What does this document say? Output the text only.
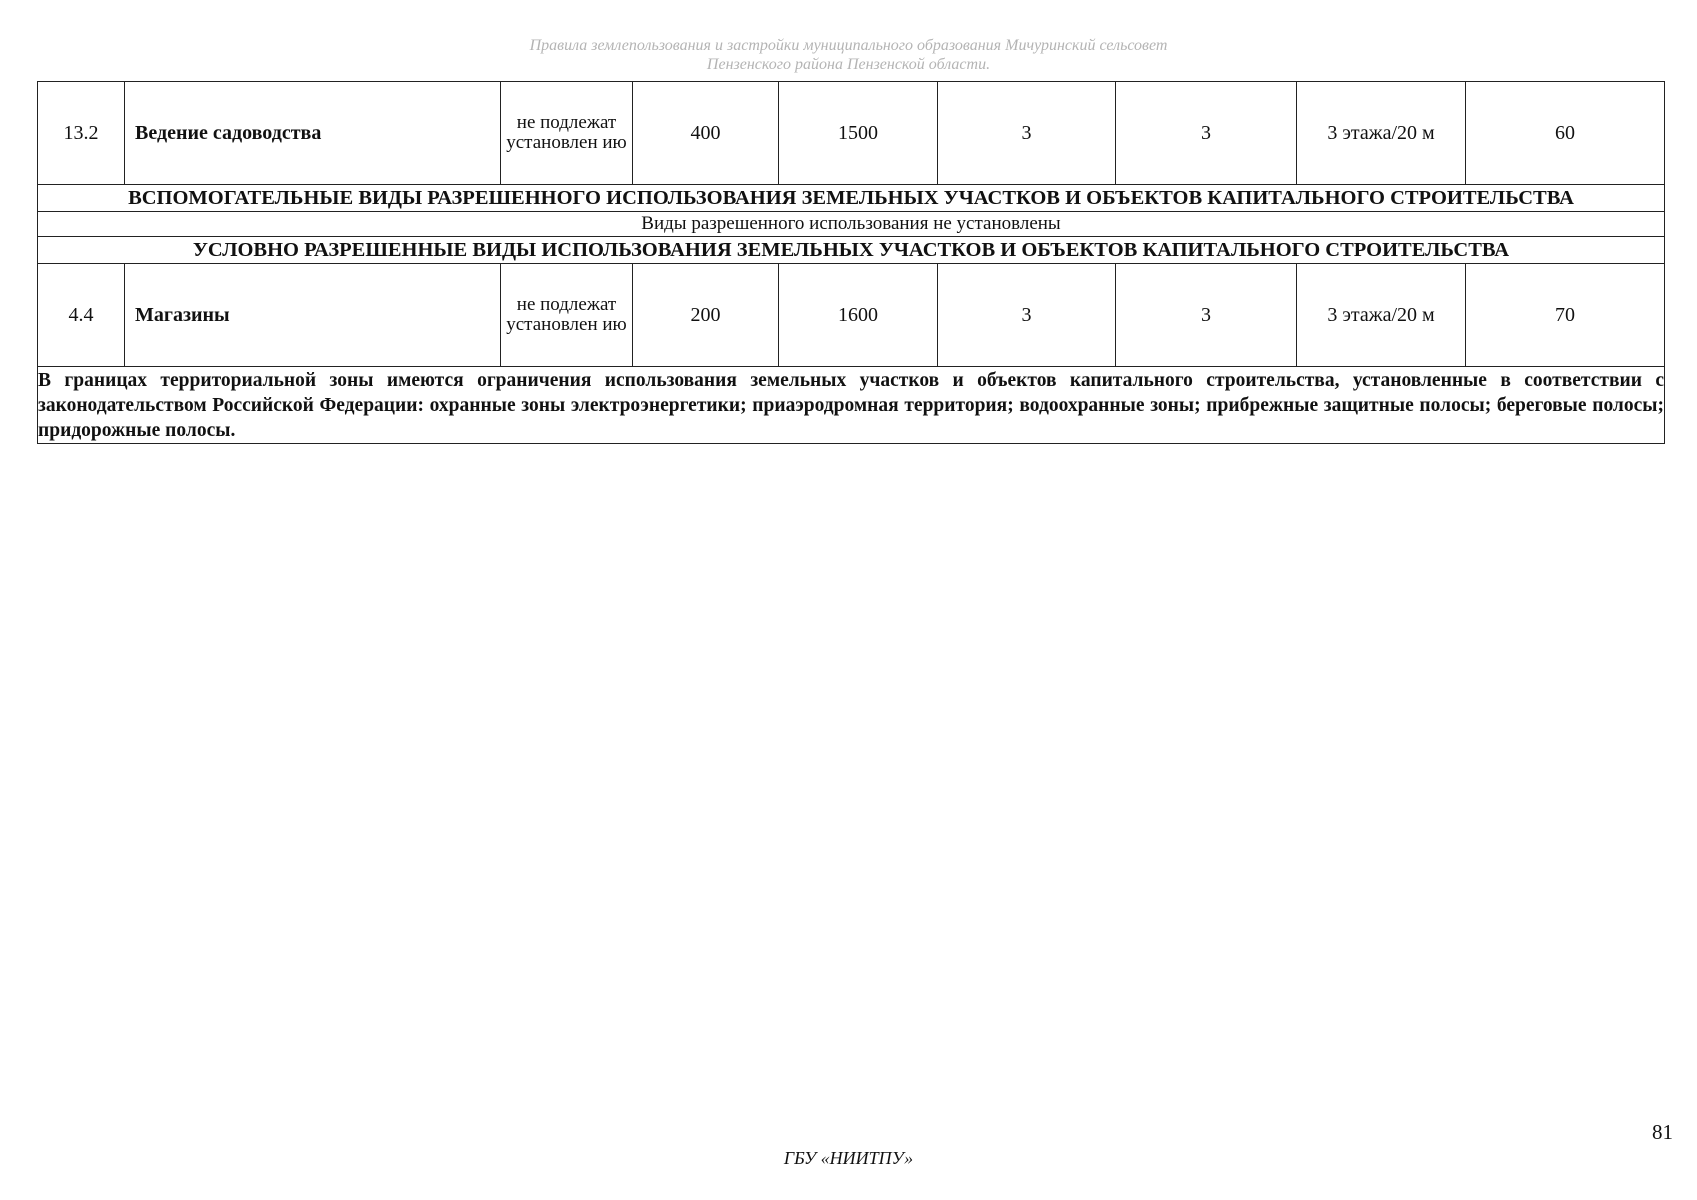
Правила землепользования и застройки муниципального образования Мичуринский сельсовет
Пензенского района Пензенской области.
13.2	Ведение садоводства	не подлежат установлен ию	400	1500	3	3	3 этажа/20 м	60
ВСПОМОГАТЕЛЬНЫЕ ВИДЫ РАЗРЕШЕННОГО ИСПОЛЬЗОВАНИЯ ЗЕМЕЛЬНЫХ УЧАСТКОВ И ОБЪЕКТОВ КАПИТАЛЬНОГО СТРОИТЕЛЬСТВА								
Виды разрешенного использования не установлены								
УСЛОВНО РАЗРЕШЕННЫЕ ВИДЫ ИСПОЛЬЗОВАНИЯ ЗЕМЕЛЬНЫХ УЧАСТКОВ И ОБЪЕКТОВ КАПИТАЛЬНОГО СТРОИТЕЛЬСТВА								
4.4	Магазины	не подлежат установлен ию	200	1600	3	3	3 этажа/20 м	70
В границах территориальной зоны имеются ограничения использования земельных участков и объектов капитального строительства, установленные в соответствии с законодательством Российской Федерации: охранные зоны электроэнергетики; приаэродромная территория; водоохранные зоны; прибрежные защитные полосы; береговые полосы; придорожные полосы.								
81
ГБУ «НИИТПУ»
